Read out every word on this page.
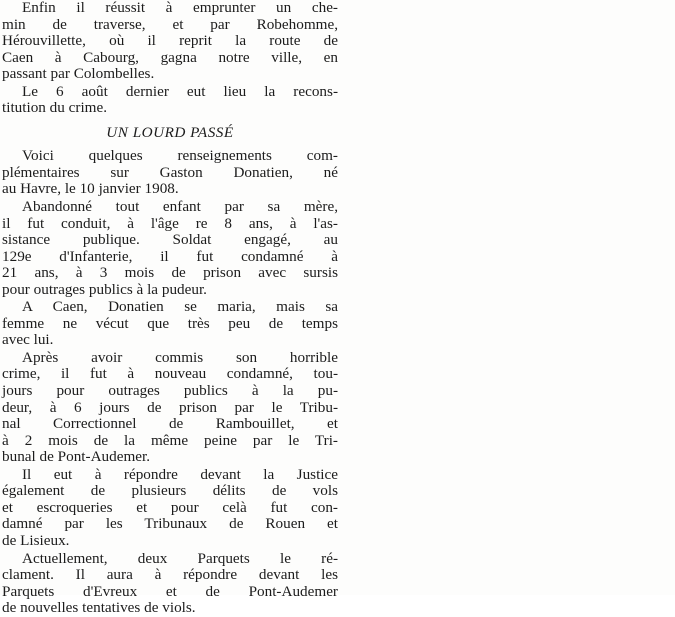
Enfin il réussit à emprunter un che-
min de traverse, et par Robehomme,
Hérouvillette, où il reprit la route de
Caen à Cabourg, gagna notre ville, en
passant par Colombelles.
Le 6 août dernier eut lieu la recons-
titution du crime.
UN LOURD PASSÉ
Voici quelques renseignements com-
plémentaires sur Gaston Donatien, né
au Havre, le 10 janvier 1908.
Abandonné tout enfant par sa mère,
il fut conduit, à l'âge re 8 ans, à l'as-
sistance publique. Soldat engagé, au
129e d'Infanterie, il fut condamné à
21 ans, à 3 mois de prison avec sursis
pour outrages publics à la pudeur.
A Caen, Donatien se maria, mais sa
femme ne vécut que très peu de temps
avec lui.
Après avoir commis son horrible
crime, il fut à nouveau condamné, tou-
jours pour outrages publics à la pu-
deur, à 6 jours de prison par le Tribu-
nal Correctionnel de Rambouillet, et
à 2 mois de la même peine par le Tri-
bunal de Pont-Audemer.
Il eut à répondre devant la Justice
également de plusieurs délits de vols
et escroqueries et pour celà fut con-
damné par les Tribunaux de Rouen et
de Lisieux.
Actuellement, deux Parquets le ré-
clament. Il aura à répondre devant les
Parquets d'Evreux et de Pont-Audemer
de nouvelles tentatives de viols.
